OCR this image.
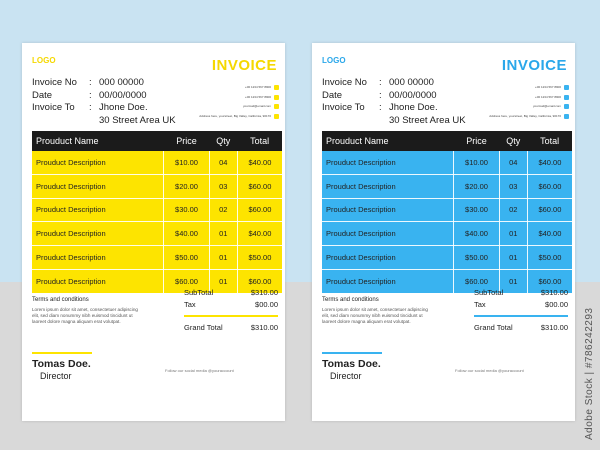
LOGO	INVOICE
Invoice No	: 000 00000
Date	: 00/00/0000
Invoice To	: Jhone Doe.
30 Street Area UK
+00 1234 567 8900
+00 1234 567 8900
yourmail@email.com
Address here, yourstreet, Big Valley, California, 90170
Prouduct Name	Price	Qty	Total
Prouduct Description	$10.00	04	$40.00
Prouduct Description	$20.00	03	$60.00
Prouduct Description	$30.00	02	$60.00
Prouduct Description	$40.00	01	$40.00
Prouduct Description	$50.00	01	$50.00
Prouduct Description	$60.00	01	$60.00
Terms and conditions
Lorem ipsum dolor sit amet, consectetuer adipiscing elit, sed diam nonummy nibh euismod tincidunt ut laoreet dolore magna aliquam erat volutpat.
SubTotal	$310.00
Tax	$00.00
Grand Total	$310.00
Tomas Doe.
Director
Follow our social media @youraccount
LOGO	INVOICE
Invoice No	: 000 00000
Date	: 00/00/0000
Invoice To	: Jhone Doe.
30 Street Area UK
+00 1234 567 8900
+00 1234 567 8900
yourmail@email.com
Address here, yourstreet, Big Valley, California, 90170
Prouduct Name	Price	Qty	Total
Prouduct Description	$10.00	04	$40.00
Prouduct Description	$20.00	03	$60.00
Prouduct Description	$30.00	02	$60.00
Prouduct Description	$40.00	01	$40.00
Prouduct Description	$50.00	01	$50.00
Prouduct Description	$60.00	01	$60.00
Terms and conditions
Lorem ipsum dolor sit amet, consectetuer adipiscing elit, sed diam nonummy nibh euismod tincidunt ut laoreet dolore magna aliquam erat volutpat.
SubTotal	$310.00
Tax	$00.00
Grand Total	$310.00
Tomas Doe.
Director
Follow our social media @youraccount	Adobe Stock | #786242293
